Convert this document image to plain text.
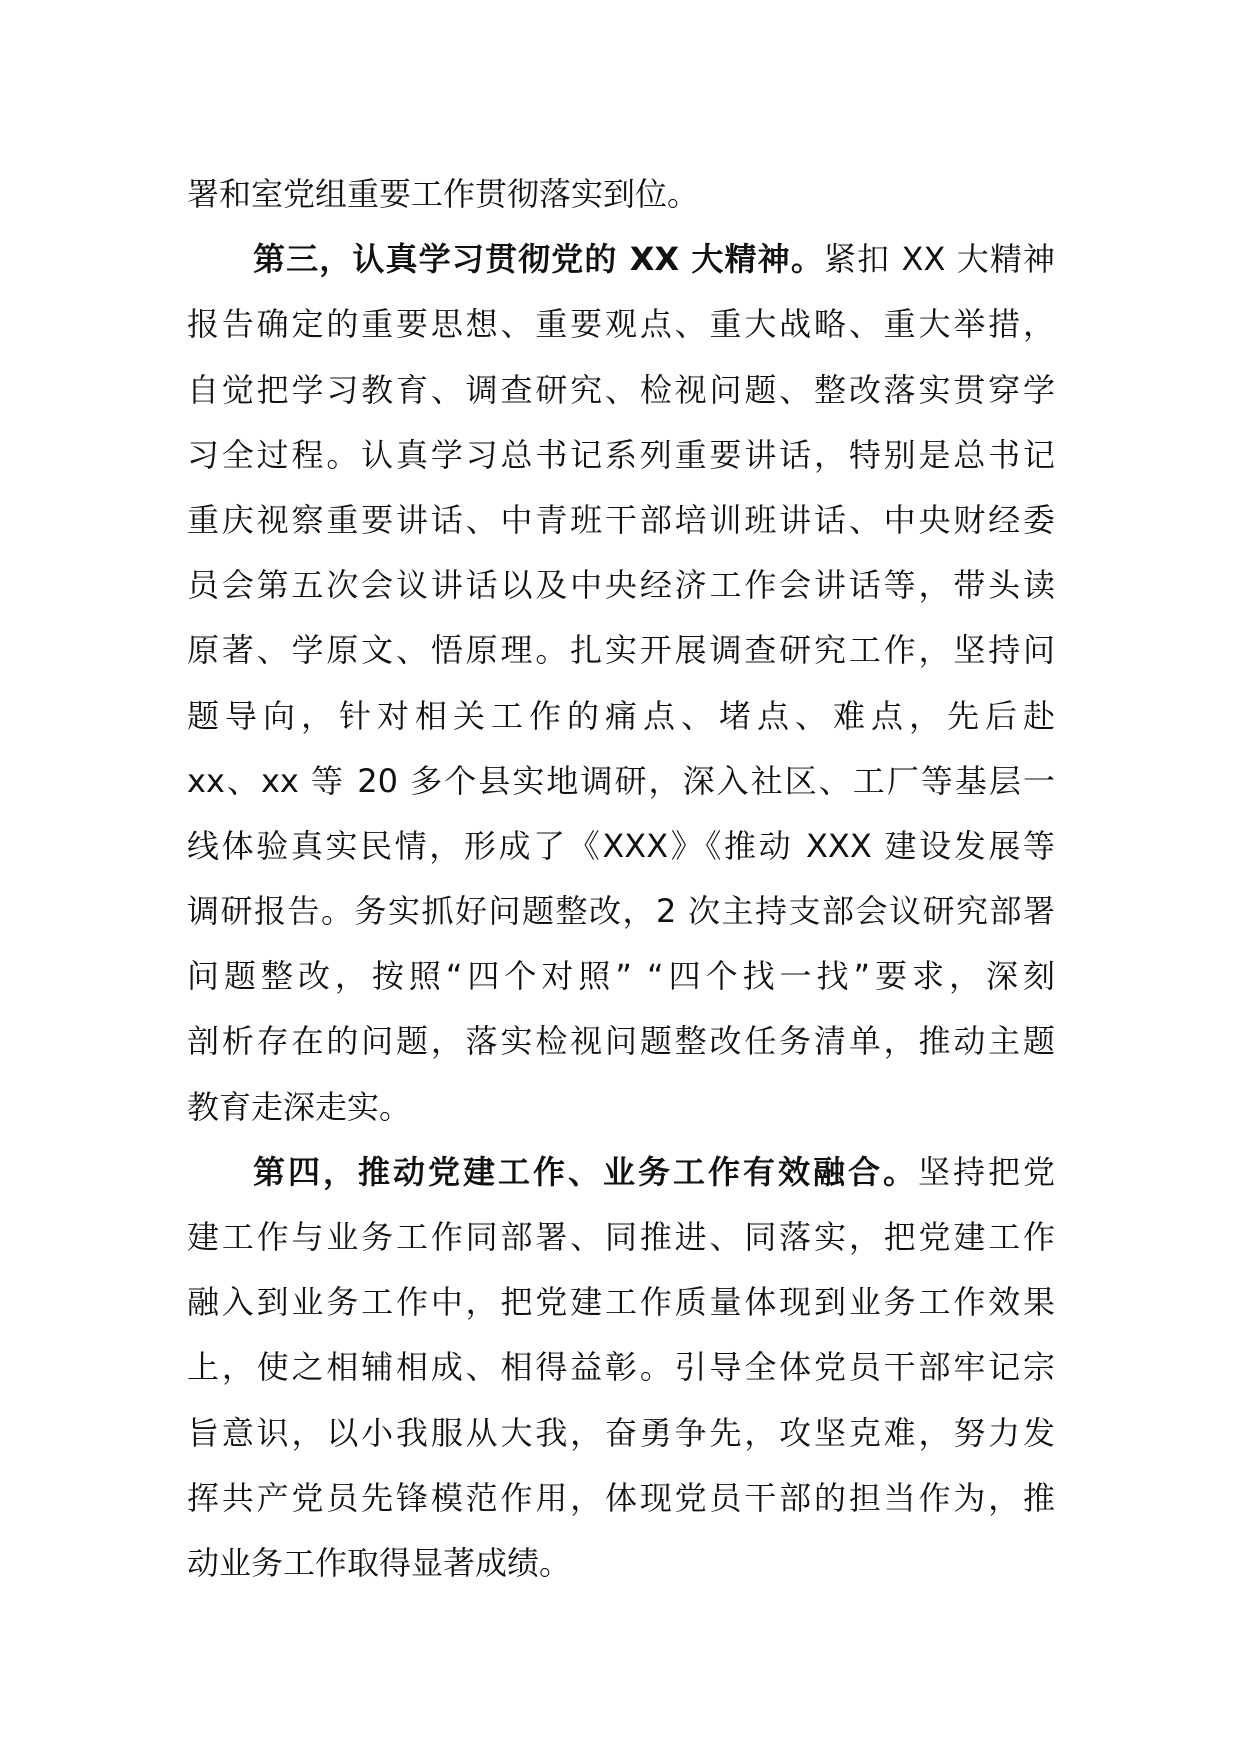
署和室党组重要工作贯彻落实到位。
第三，认真学习贯彻党的 XX 大精神。紧扣 XX 大精神
报告确定的重要思想、重要观点、重大战略、重大举措，
自觉把学习教育、调查研究、检视问题、整改落实贯穿学
习全过程。认真学习总书记系列重要讲话，特别是总书记
重庆视察重要讲话、中青班干部培训班讲话、中央财经委
员会第五次会议讲话以及中央经济工作会讲话等，带头读
原著、学原文、悟原理。扎实开展调查研究工作，坚持问
题导向，针对相关工作的痛点、堵点、难点，先后赴
xx、xx 等 20 多个县实地调研，深入社区、工厂等基层一
线体验真实民情，形成了《XXX》《推动 XXX 建设发展等
调研报告。务实抓好问题整改，2 次主持支部会议研究部署
问题整改，按照“四个对照” “四个找一找”要求，深刻
剖析存在的问题，落实检视问题整改任务清单，推动主题
教育走深走实。
第四，推动党建工作、业务工作有效融合。坚持把党
建工作与业务工作同部署、同推进、同落实，把党建工作
融入到业务工作中，把党建工作质量体现到业务工作效果
上，使之相辅相成、相得益彰。引导全体党员干部牢记宗
旨意识，以小我服从大我，奋勇争先，攻坚克难，努力发
挥共产党员先锋模范作用，体现党员干部的担当作为，推
动业务工作取得显著成绩。
